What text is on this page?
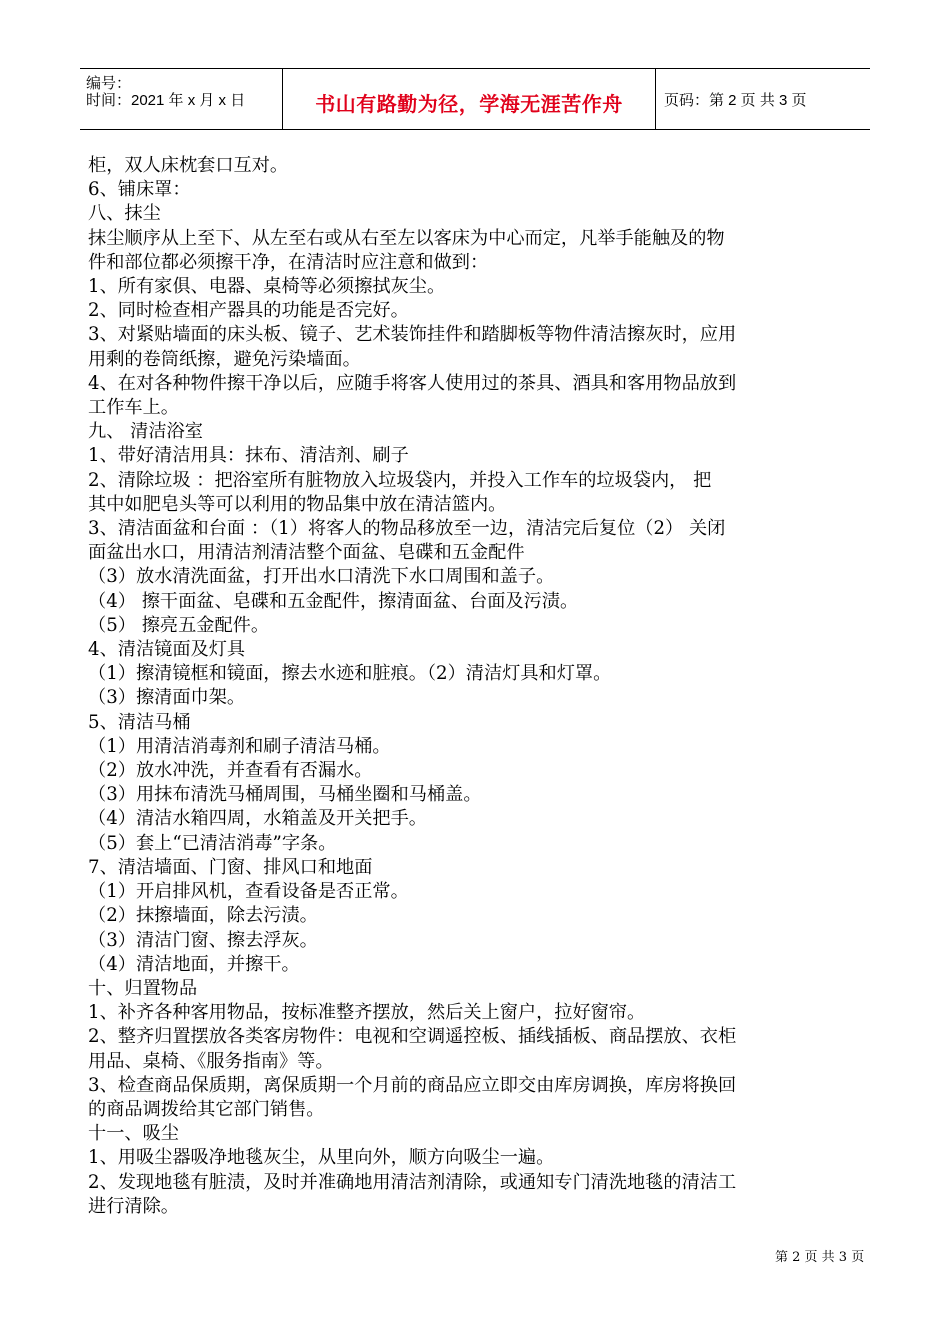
编号：
时间：2021 年 x 月 x 日	书山有路勤为径，学海无涯苦作舟	页码：第 2 页 共 3 页

柜，双人床枕套口互对。

6、铺床罩：

八、抹尘

抹尘顺序从上至下、从左至右或从右至左以客床为中心而定，凡举手能触及的物

件和部位都必须擦干净，在清洁时应注意和做到：

1、所有家俱、电器、桌椅等必须擦拭灰尘。

2、同时检查相产器具的功能是否完好。

3、对紧贴墙面的床头板、镜子、艺术装饰挂件和踏脚板等物件清洁擦灰时，应用

用剩的卷筒纸擦，避免污染墙面。

4、在对各种物件擦干净以后，应随手将客人使用过的茶具、酒具和客用物品放到

工作车上。

九、 清洁浴室

1、带好清洁用具：抹布、清洁剂、刷子

2、清除垃圾 ：把浴室所有脏物放入垃圾袋内，并投入工作车的垃圾袋内， 把

其中如肥皂头等可以利用的物品集中放在清洁篮内。

3、清洁面盆和台面 ：（1）将客人的物品移放至一边，清洁完后复位（2） 关闭

面盆出水口，用清洁剂清洁整个面盆、皂碟和五金配件

（3）放水清洗面盆，打开出水口清洗下水口周围和盖子。

（4） 擦干面盆、皂碟和五金配件，擦清面盆、台面及污渍。

（5） 擦亮五金配件。

4、清洁镜面及灯具

（1）擦清镜框和镜面，擦去水迹和脏痕。（2）清洁灯具和灯罩。

（3）擦清面巾架。

5、清洁马桶

（1）用清洁消毒剂和刷子清洁马桶。

（2）放水冲洗，并查看有否漏水。

（3）用抹布清洗马桶周围，马桶坐圈和马桶盖。

（4）清洁水箱四周，水箱盖及开关把手。

（5）套上“已清洁消毒”字条。

7、清洁墙面、门窗、排风口和地面

（1）开启排风机，查看设备是否正常。

（2）抹擦墙面，除去污渍。

（3）清洁门窗、擦去浮灰。

（4）清洁地面，并擦干。

十、归置物品

1、补齐各种客用物品，按标准整齐摆放，然后关上窗户，拉好窗帘。

2、整齐归置摆放各类客房物件：电视和空调遥控板、插线插板、商品摆放、衣柜

用品、桌椅、《服务指南》等。

3、检查商品保质期，离保质期一个月前的商品应立即交由库房调换，库房将换回

的商品调拨给其它部门销售。

十一、吸尘

1、用吸尘器吸净地毯灰尘，从里向外，顺方向吸尘一遍。

2、发现地毯有脏渍，及时并准确地用清洁剂清除，或通知专门清洗地毯的清洁工

进行清除。

第 2 页 共 3 页
